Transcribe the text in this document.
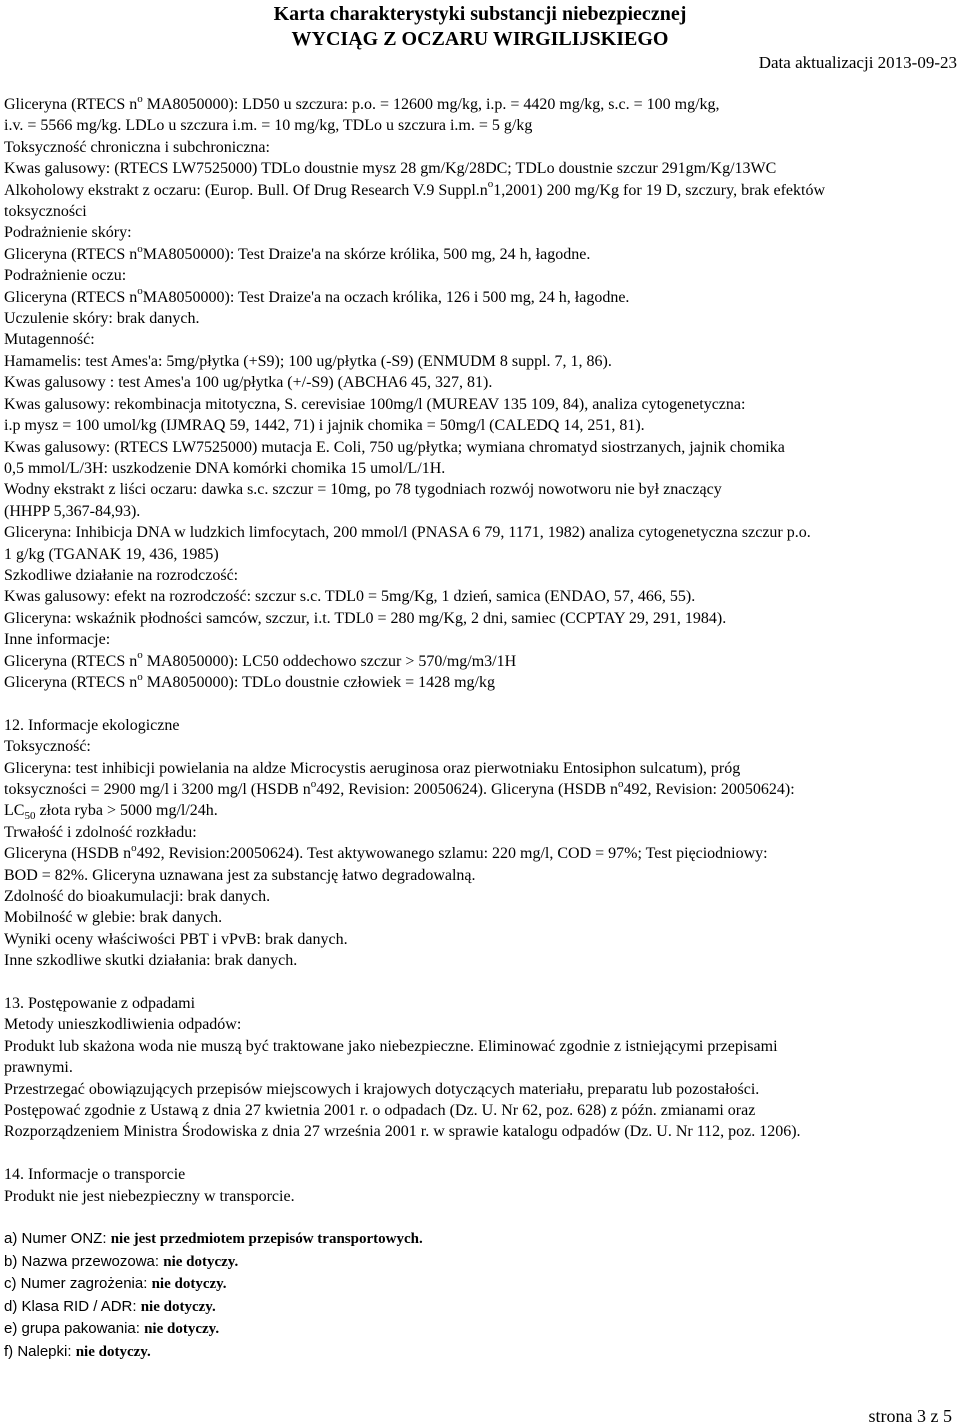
Karta charakterystyki substancji niebezpiecznej
WYCIĄG Z OCZARU WIRGILIJSKIEGO
Data aktualizacji 2013-09-23
Gliceryna (RTECS $n^o$ MA8050000): LD50 u szczura: p.o. = 12600 mg/kg, i.p. = 4420 mg/kg, s.c. = 100 mg/kg,
i.v. = 5566 mg/kg. LDLo u szczura i.m. = 10 mg/kg, TDLo u szczura i.m. = 5 g/kg
Toksyczność chroniczna i subchroniczna:
Kwas galusowy: (RTECS LW7525000) TDLo doustnie mysz 28 gm/Kg/28DC; TDLo doustnie szczur 291gm/Kg/13WC
Alkoholowy ekstrakt z oczaru: (Europ. Bull. Of Drug Research V.9 $Suppl.n^o1,2001$) 200 mg/Kg for 19 D, szczury, brak efektów
toksyczności
Podrażnienie skóry:
Gliceryna (RTECS $n^oMA8050000$): Test Draize'a na skórze królika, 500 mg, 24 h, łagodne.
Podrażnienie oczu:
Gliceryna (RTECS $n^oMA8050000$): Test Draize'a na oczach królika, 126 i 500 mg, 24 h, łagodne.
Uczulenie skóry: brak danych.
Mutagenność:
Hamamelis: test Ames'a: 5mg/płytka (+S9); 100 ug/płytka (-S9) (ENMUDM 8 suppl. 7, 1, 86).
Kwas galusowy : test Ames'a 100 ug/płytka (+/-S9) (ABCHA6 45, 327, 81).
Kwas galusowy: rekombinacja mitotyczna, S. cerevisiae 100mg/l (MUREAV 135 109, 84), analiza cytogenetyczna:
i.p mysz = 100 umol/kg (IJMRAQ 59, 1442, 71) i jajnik chomika = 50mg/l (CALEDQ 14, 251, 81).
Kwas galusowy: (RTECS LW7525000) mutacja E. Coli, 750 ug/płytka; wymiana chromatyd siostrzanych, jajnik chomika
0,5 mmol/L/3H: uszkodzenie DNA komórki chomika 15 umol/L/1H.
Wodny ekstrakt z liści oczaru: dawka s.c. szczur = 10mg, po 78 tygodniach rozwój nowotworu nie był znaczący
(HHPP 5,367-84,93).
Gliceryna: Inhibicja DNA w ludzkich limfocytach, 200 mmol/l (PNASA 6 79, 1171, 1982) analiza cytogenetyczna szczur p.o.
1 g/kg (TGANAK 19, 436, 1985)
Szkodliwe działanie na rozrodczość:
Kwas galusowy: efekt na rozrodczość: szczur s.c. TDL0 = 5mg/Kg, 1 dzień, samica (ENDAO, 57, 466, 55).
Gliceryna: wskaźnik płodności samców, szczur, i.t. TDL0 = 280 mg/Kg, 2 dni, samiec (CCPTAY 29, 291, 1984).
Inne informacje:
Gliceryna (RTECS $n^o$ MA8050000): LC50 oddechowo szczur > 570/mg/m3/1H
Gliceryna (RTECS $n^o$ MA8050000): TDLo doustnie człowiek = 1428 mg/kg
12. Informacje ekologiczne
Toksyczność:
Gliceryna: test inhibicji powielania na aldze Microcystis aeruginosa oraz pierwotniaku Entosiphon sulcatum), próg
toksyczności = 2900 mg/l i 3200 mg/l (HSDB $n^o492$, Revision: 20050624). Gliceryna (HSDB $n^o492$, Revision: 20050624):
$LC_{50}$ złota ryba > 5000 mg/l/24h.
Trwałość i zdolność rozkładu:
Gliceryna (HSDB $n^o492$, Revision:20050624). Test aktywowanego szlamu: 220 mg/l, COD = 97%; Test pięciodniowy:
BOD = 82%. Gliceryna uznawana jest za substancję łatwo degradowalną.
Zdolność do bioakumulacji: brak danych.
Mobilność w glebie: brak danych.
Wyniki oceny właściwości PBT i vPvB: brak danych.
Inne szkodliwe skutki działania: brak danych.
13. Postępowanie z odpadami
Metody unieszkodliwienia odpadów:
Produkt lub skażona woda nie muszą być traktowane jako niebezpieczne. Eliminować zgodnie z istniejącymi przepisami
prawnymi.
Przestrzegać obowiązujących przepisów miejscowych i krajowych dotyczących materiału, preparatu lub pozostałości.
Postępować zgodnie z Ustawą z dnia 27 kwietnia 2001 r. o odpadach (Dz. U. Nr 62, poz. 628) z późn. zmianami oraz
Rozporządzeniem Ministra Środowiska z dnia 27 września 2001 r. w sprawie katalogu odpadów (Dz. U. Nr 112, poz. 1206).
14. Informacje o transporcie
Produkt nie jest niebezpieczny w transporcie.
a) Numer ONZ: nie jest przedmiotem przepisów transportowych.
b) Nazwa przewozowa: nie dotyczy.
c) Numer zagrożenia: nie dotyczy.
d) Klasa RID / ADR: nie dotyczy.
e) grupa pakowania: nie dotyczy.
f) Nalepki: nie dotyczy.
strona 3 z 5
